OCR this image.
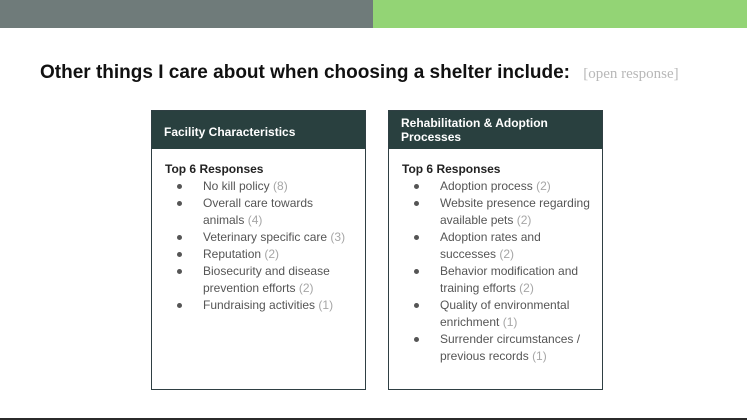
Other things I care about when choosing a shelter include: [open response]
Facility Characteristics
Top 6 Responses
No kill policy (8)
Overall care towards animals (4)
Veterinary specific care (3)
Reputation (2)
Biosecurity and disease prevention efforts (2)
Fundraising activities (1)
Rehabilitation & Adoption Processes
Top 6 Responses
Adoption process (2)
Website presence regarding available pets (2)
Adoption rates and successes (2)
Behavior modification and training efforts (2)
Quality of environmental enrichment (1)
Surrender circumstances / previous records (1)
